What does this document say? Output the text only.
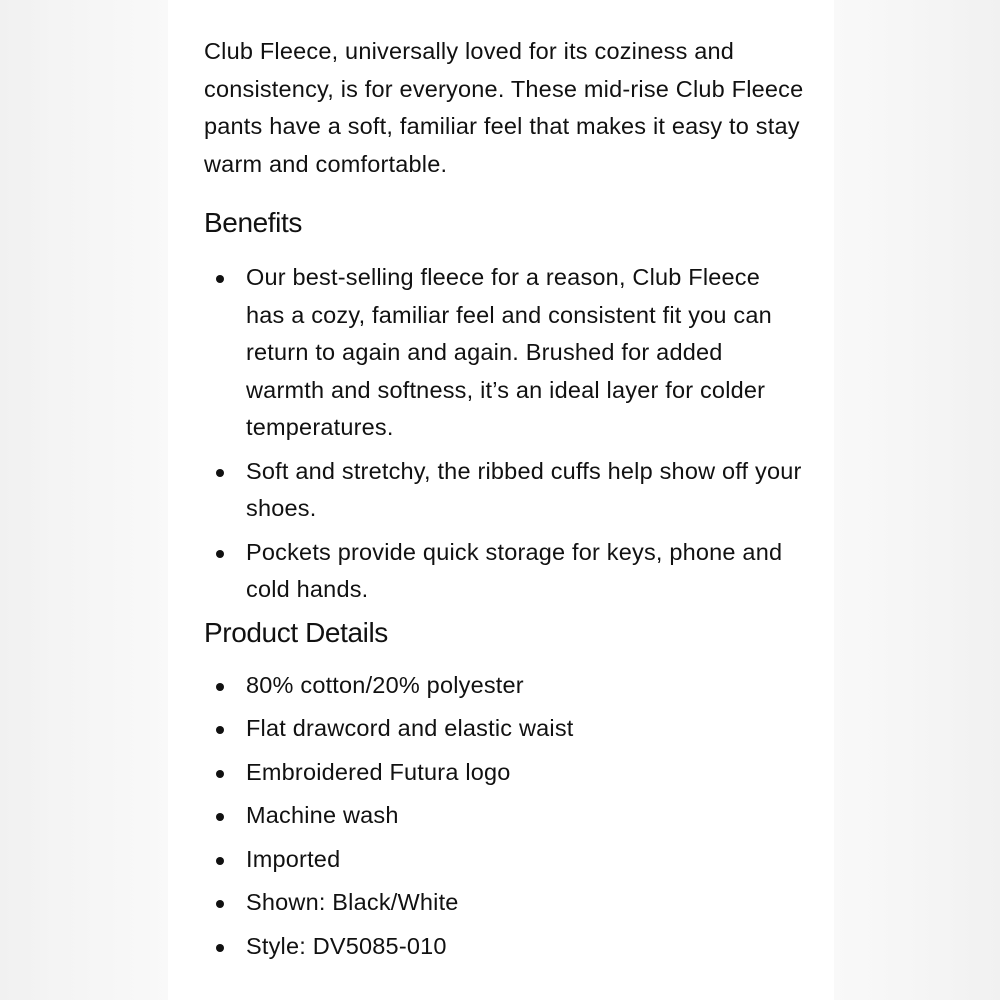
Club Fleece, universally loved for its coziness and consistency, is for everyone. These mid-rise Club Fleece pants have a soft, familiar feel that makes it easy to stay warm and comfortable.

Benefits
Our best-selling fleece for a reason, Club Fleece has a cozy, familiar feel and consistent fit you can return to again and again. Brushed for added warmth and softness, it’s an ideal layer for colder temperatures.
Soft and stretchy, the ribbed cuffs help show off your shoes.
Pockets provide quick storage for keys, phone and cold hands.
Product Details
80% cotton/20% polyester
Flat drawcord and elastic waist
Embroidered Futura logo
Machine wash
Imported
Shown: Black/White
Style: DV5085-010
